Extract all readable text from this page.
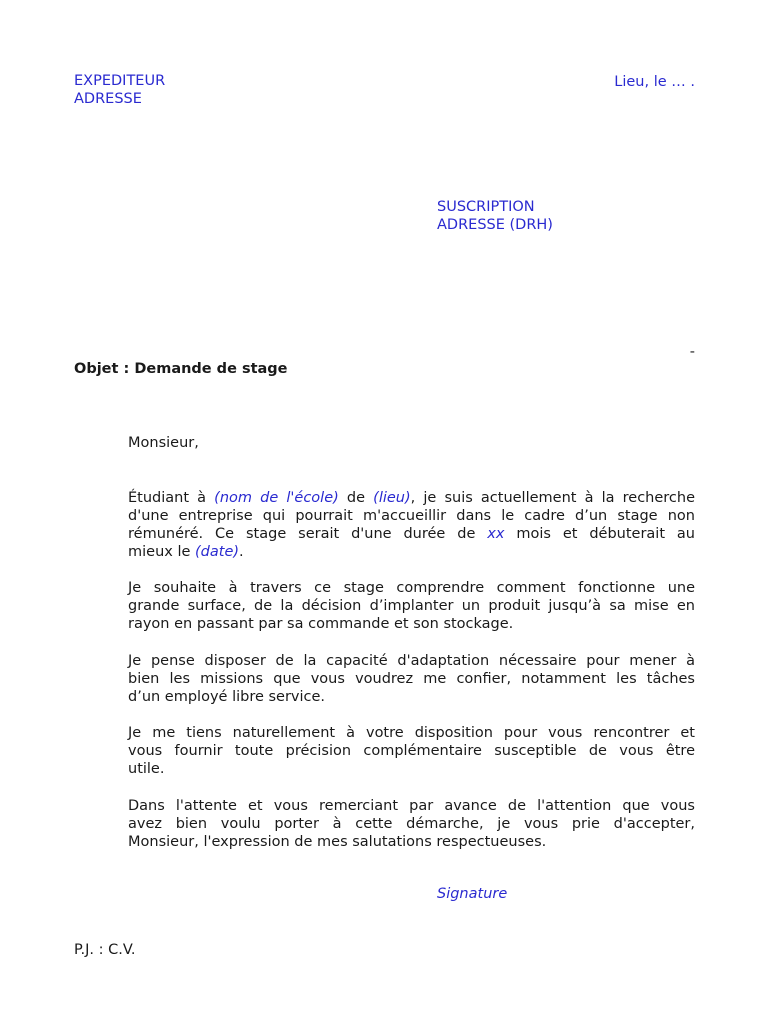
EXPEDITEUR
ADRESSE
Lieu, le … .
SUSCRIPTION
ADRESSE (DRH)
-
Objet : Demande de stage
Monsieur,
Étudiant à (nom de l'école) de (lieu), je suis actuellement à la recherche
d'une entreprise qui pourrait m'accueillir dans le cadre d’un stage non
rémunéré. Ce stage serait d'une durée de xx mois et débuterait au
mieux le (date).
Je souhaite à travers ce stage comprendre comment fonctionne une
grande surface, de la décision d’implanter un produit jusqu’à sa mise en
rayon en passant par sa commande et son stockage.
Je pense disposer de la capacité d'adaptation nécessaire pour mener à
bien les missions que vous voudrez me confier, notamment les tâches
d’un employé libre service.
Je me tiens naturellement à votre disposition pour vous rencontrer et
vous fournir toute précision complémentaire susceptible de vous être
utile.
Dans l'attente et vous remerciant par avance de l'attention que vous
avez bien voulu porter à cette démarche, je vous prie d'accepter,
Monsieur, l'expression de mes salutations respectueuses.
Signature
P.J. : C.V.
